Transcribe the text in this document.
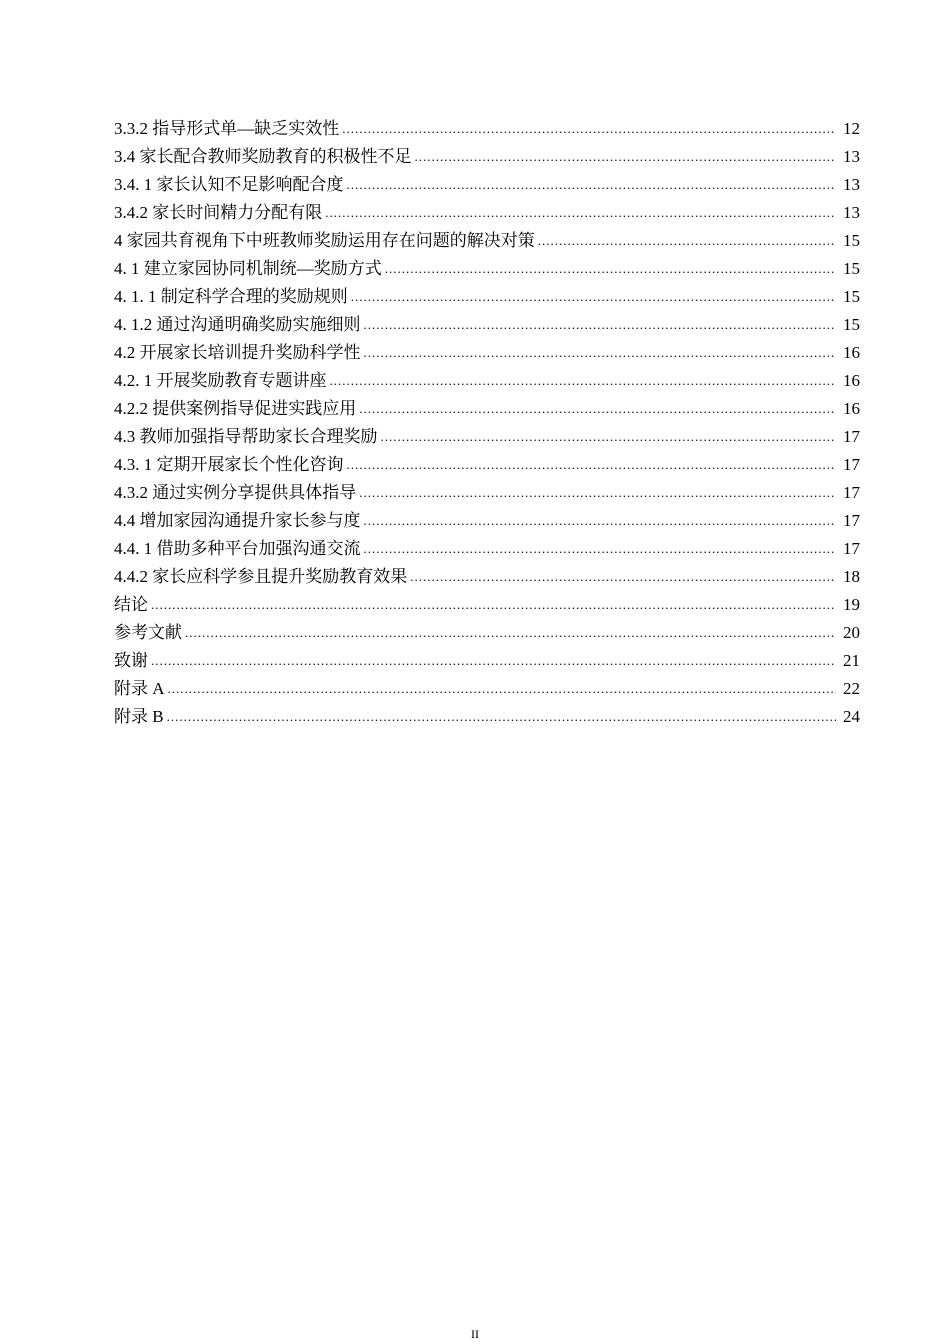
3.3.2 指导形式单—缺乏实效性 .....	12
3.4 家长配合教师奖励教育的积极性不足 .....	13
3.4. 1 家长认知不足影响配合度 .....	13
3.4.2 家长时间精力分配有限 .....	13
4 家园共育视角下中班教师奖励运用存在问题的解决对策 .....	15
4. 1 建立家园协同机制统—奖励方式 .....	15
4. 1. 1 制定科学合理的奖励规则 .....	15
4. 1.2 通过沟通明确奖励实施细则 .....	15
4.2 开展家长培训提升奖励科学性 .....	16
4.2. 1 开展奖励教育专题讲座 .....	16
4.2.2 提供案例指导促进实践应用 .....	16
4.3 教师加强指导帮助家长合理奖励 .....	17
4.3. 1 定期开展家长个性化咨询 .....	17
4.3.2 通过实例分享提供具体指导 .....	17
4.4 增加家园沟通提升家长参与度 .....	17
4.4. 1 借助多种平台加强沟通交流 .....	17
4.4.2 家长应科学参且提升奖励教育效果 .....	18
结论 .....	19
参考文献 .....	20
致谢 .....	21
附录 A .....	22
附录 B .....	24
II
